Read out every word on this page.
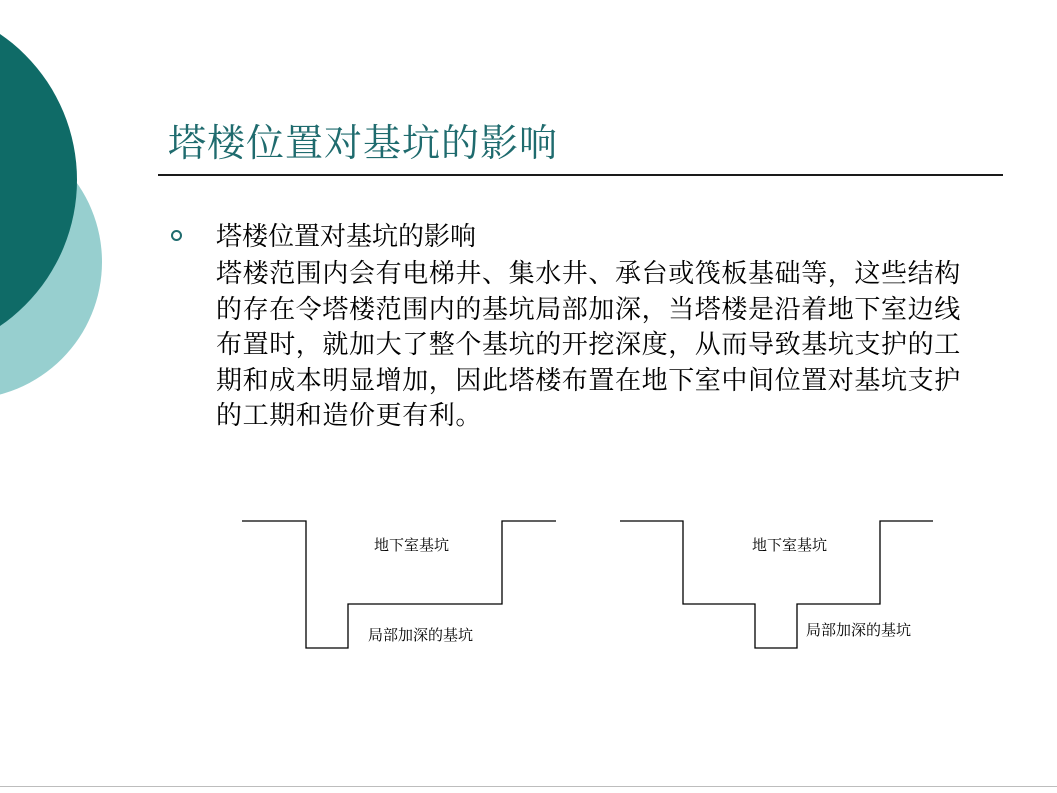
塔楼位置对基坑的影响
塔楼位置对基坑的影响
塔楼范围内会有电梯井、集水井、承台或筏板基础等，这些结构的存在令塔楼范围内的基坑局部加深，当塔楼是沿着地下室边线布置时，就加大了整个基坑的开挖深度，从而导致基坑支护的工期和成本明显增加，因此塔楼布置在地下室中间位置对基坑支护的工期和造价更有利。
地下室基坑
局部加深的基坑
地下室基坑
局部加深的基坑
